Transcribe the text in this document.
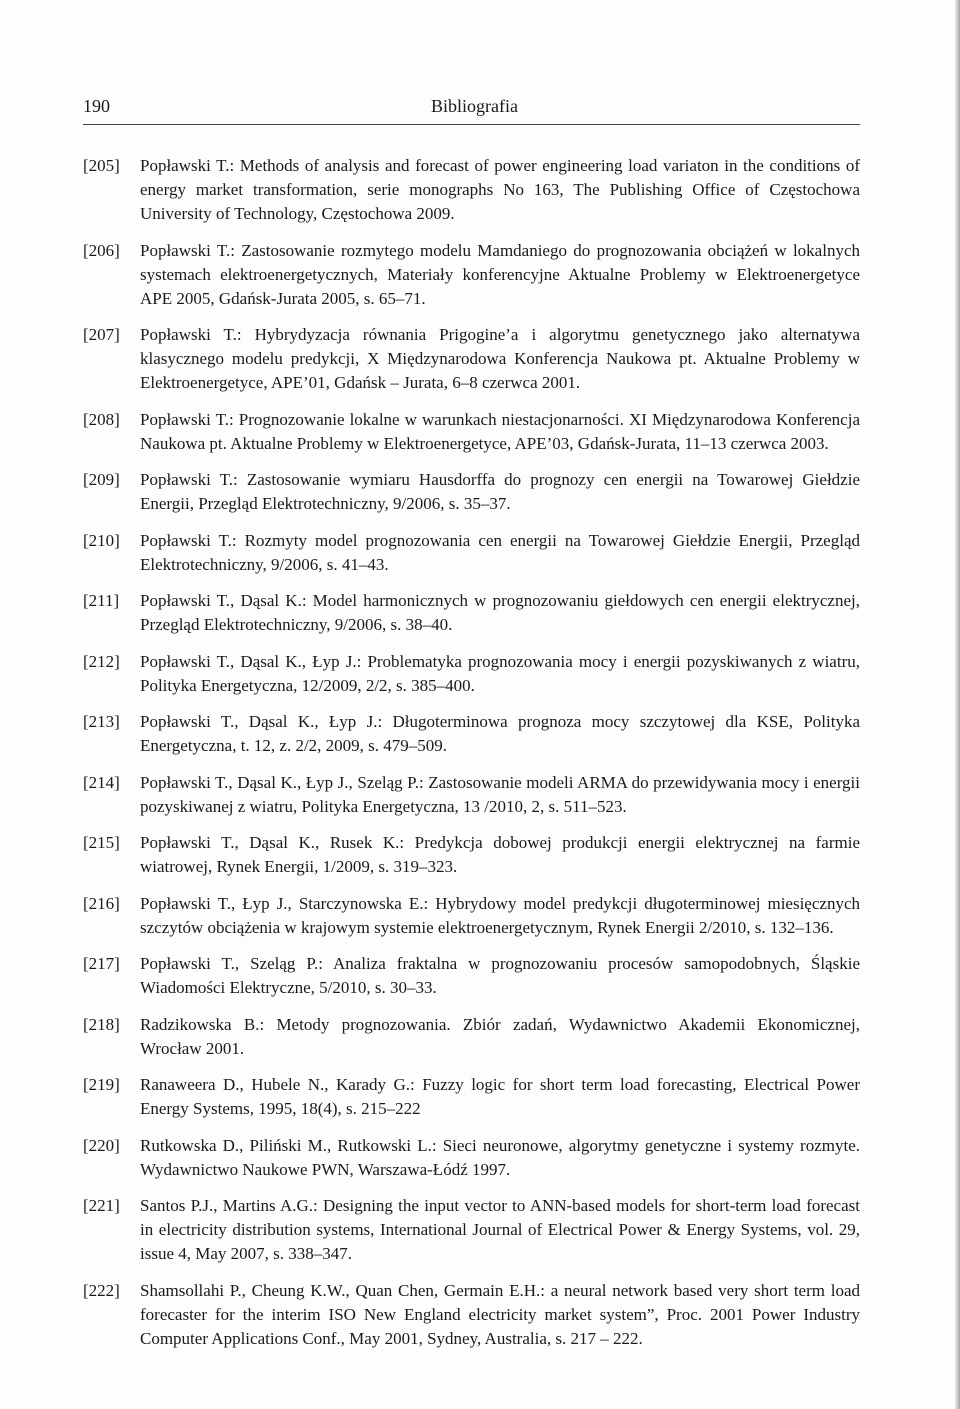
190	Bibliografia
[205]	Popławski T.: Methods of analysis and forecast of power engineering load variaton in the conditions of energy market transformation, serie monographs No 163, The Publishing Office of Częstochowa University of Technology, Częstochowa 2009.
[206]	Popławski T.: Zastosowanie rozmytego modelu Mamdaniego do prognozowania obciążeń w lokalnych systemach elektroenergetycznych, Materiały konferencyjne Aktualne Problemy w Elektroenergetyce APE 2005, Gdańsk-Jurata 2005, s. 65–71.
[207]	Popławski T.: Hybrydyzacja równania Prigogine’a i algorytmu genetycznego jako alternatywa klasycznego modelu predykcji, X Międzynarodowa Konferencja Naukowa pt. Aktualne Problemy w Elektroenergetyce, APE’01, Gdańsk – Jurata, 6–8 czerwca 2001.
[208]	Popławski T.: Prognozowanie lokalne w warunkach niestacjonarności. XI Międzynarodowa Konferencja Naukowa pt. Aktualne Problemy w Elektroenergetyce, APE’03, Gdańsk-Jurata, 11–13 czerwca 2003.
[209]	Popławski T.: Zastosowanie wymiaru Hausdorffa do prognozy cen energii na Towarowej Giełdzie Energii, Przegląd Elektrotechniczny, 9/2006, s. 35–37.
[210]	Popławski T.: Rozmyty model prognozowania cen energii na Towarowej Giełdzie Energii, Przegląd Elektrotechniczny, 9/2006, s. 41–43.
[211]	Popławski T., Dąsal K.: Model harmonicznych w prognozowaniu giełdowych cen energii elektrycznej, Przegląd Elektrotechniczny, 9/2006, s. 38–40.
[212]	Popławski T., Dąsal K., Łyp J.: Problematyka prognozowania mocy i energii pozyskiwanych z wiatru, Polityka Energetyczna, 12/2009, 2/2, s. 385–400.
[213]	Popławski T., Dąsal K., Łyp J.: Długoterminowa prognoza mocy szczytowej dla KSE, Polityka Energetyczna, t. 12, z. 2/2, 2009, s. 479–509.
[214]	Popławski T., Dąsal K., Łyp J., Szeląg P.: Zastosowanie modeli ARMA do przewidywania mocy i energii pozyskiwanej z wiatru, Polityka Energetyczna, 13 /2010, 2, s. 511–523.
[215]	Popławski T., Dąsal K., Rusek K.: Predykcja dobowej produkcji energii elektrycznej na farmie wiatrowej, Rynek Energii, 1/2009, s. 319–323.
[216]	Popławski T., Łyp J., Starczynowska E.: Hybrydowy model predykcji długoterminowej miesięcznych szczytów obciążenia w krajowym systemie elektroenergetycznym, Rynek Energii 2/2010, s. 132–136.
[217]	Popławski T., Szeląg P.: Analiza fraktalna w prognozowaniu procesów samopodobnych, Śląskie Wiadomości Elektryczne, 5/2010, s. 30–33.
[218]	Radzikowska B.: Metody prognozowania. Zbiór zadań, Wydawnictwo Akademii Ekonomicznej, Wrocław 2001.
[219]	Ranaweera D., Hubele N., Karady G.: Fuzzy logic for short term load forecasting, Electrical Power Energy Systems, 1995, 18(4), s. 215–222
[220]	Rutkowska D., Piliński M., Rutkowski L.: Sieci neuronowe, algorytmy genetyczne i systemy rozmyte. Wydawnictwo Naukowe PWN, Warszawa-Łódź 1997.
[221]	Santos P.J., Martins A.G.: Designing the input vector to ANN-based models for short-term load forecast in electricity distribution systems, International Journal of Electrical Power & Energy Systems, vol. 29, issue 4, May 2007, s. 338–347.
[222]	Shamsollahi P., Cheung K.W., Quan Chen, Germain E.H.: a neural network based very short term load forecaster for the interim ISO New England electricity market system”, Proc. 2001 Power Industry Computer Applications Conf., May 2001, Sydney, Australia, s. 217 – 222.
